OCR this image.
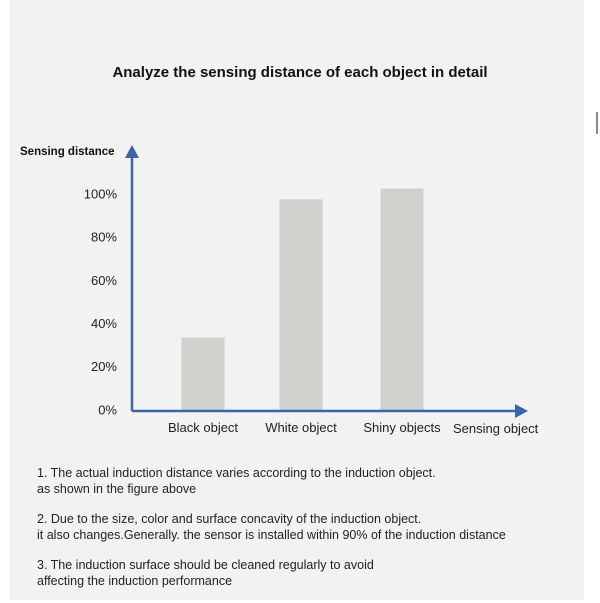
Analyze the sensing distance of each object in detail
0%
20%
40%
60%
80%
100%
Black object White object Shiny objects
Sensing distance
Sensing object
1. The actual induction distance varies according to the induction object.
as shown in the figure above
2. Due to the size, color and surface concavity of the induction object.
it also changes.Generally. the sensor is installed within 90% of the induction distance
3. The induction surface should be cleaned regularly to avoid
affecting the induction performance
